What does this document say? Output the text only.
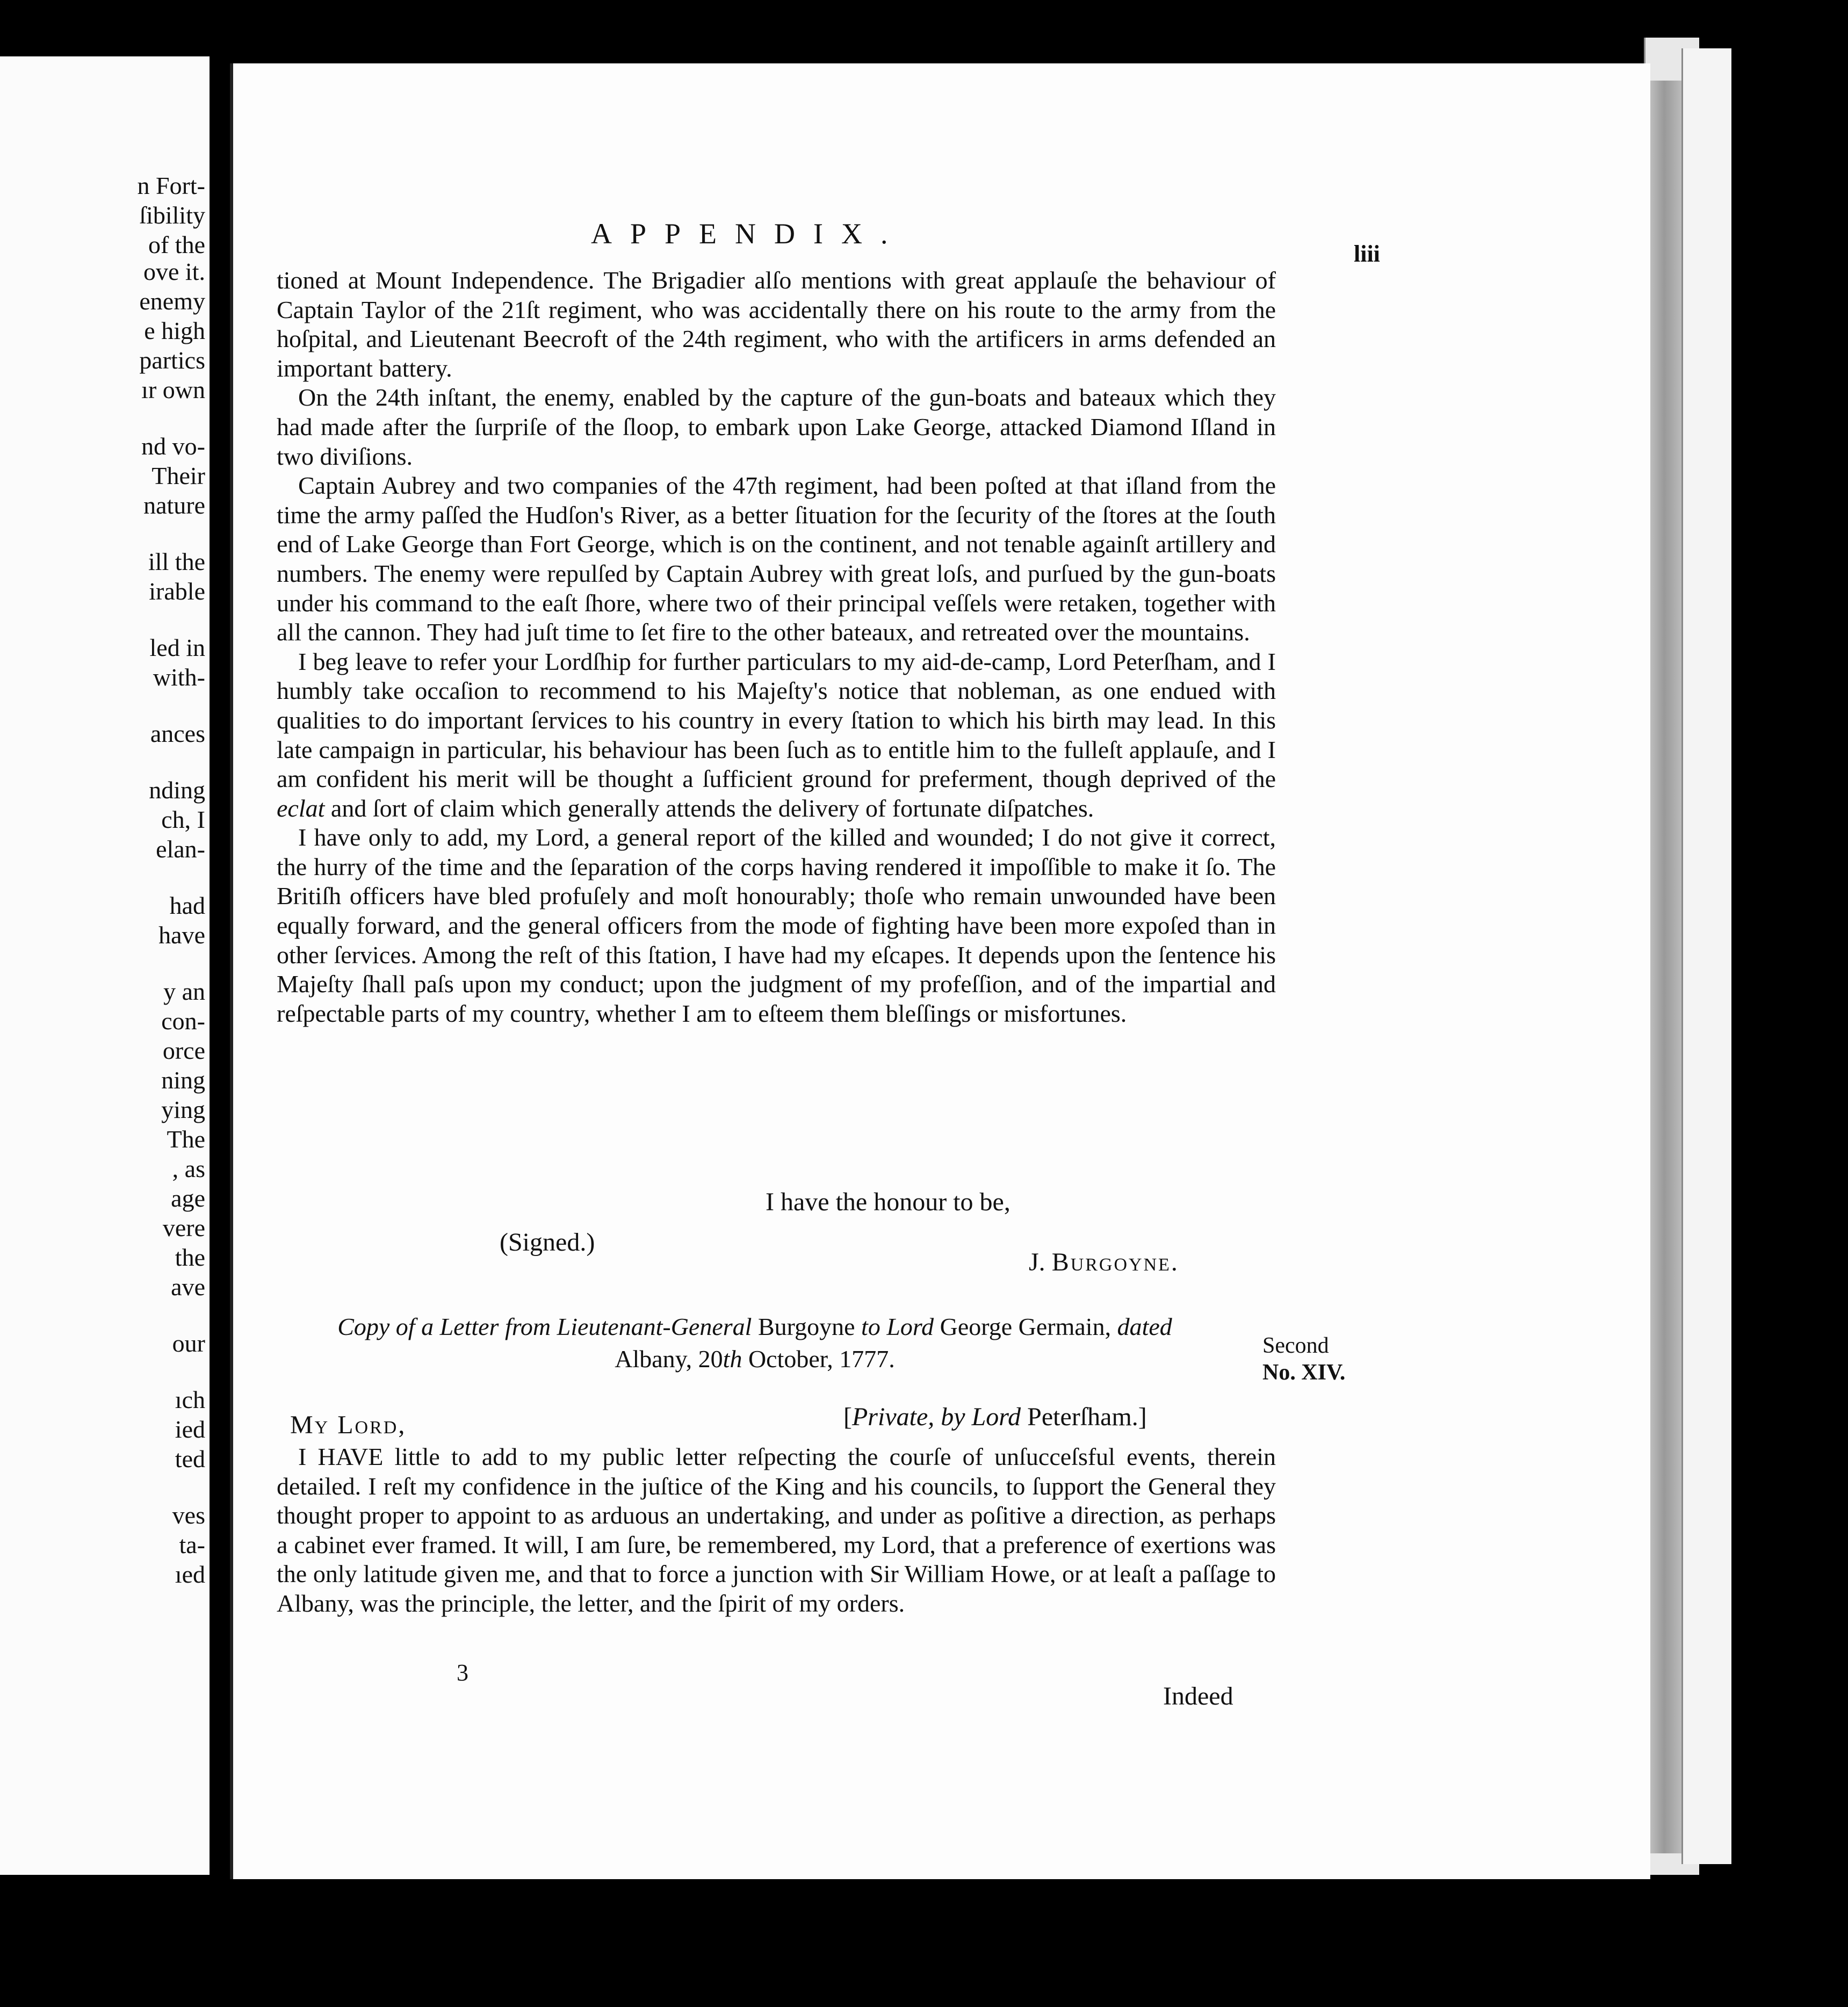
n Fort-
ſibility
of the
ove it.
enemy
e high
partics
ır own
nd vo-
Their
nature
ill the
irable
led in
with-
ances
nding
ch, I
elan-
had
have
y an
con-
orce
ning
ying
The
, as
age
vere
the
ave
our
ıch
ied
ted
ves
ta-
ıed
APPENDIX.
liii

tioned at Mount Independence. The Brigadier alſo mentions with great applauſe the behaviour of Captain Taylor of the 21ſt regiment, who was accidentally there on his route to the army from the hoſpital, and Lieutenant Beecroft of the 24th regiment, who with the artificers in arms defended an important battery.

On the 24th inſtant, the enemy, enabled by the capture of the gun-boats and bateaux which they had made after the ſurpriſe of the ſloop, to embark upon Lake George, attacked Diamond Iſland in two diviſions.

Captain Aubrey and two companies of the 47th regiment, had been poſted at that iſland from the time the army paſſed the Hudſon's River, as a better ſituation for the ſecurity of the ſtores at the ſouth end of Lake George than Fort George, which is on the continent, and not tenable againſt artillery and numbers. The enemy were repulſed by Captain Aubrey with great loſs, and purſued by the gun-boats under his command to the eaſt ſhore, where two of their principal veſſels were retaken, together with all the cannon. They had juſt time to ſet fire to the other bateaux, and retreated over the mountains.

I beg leave to refer your Lordſhip for further particulars to my aid-de-camp, Lord Peterſham, and I humbly take occaſion to recommend to his Majeſty's notice that nobleman, as one endued with qualities to do important ſervices to his country in every ſtation to which his birth may lead. In this late campaign in particular, his behaviour has been ſuch as to entitle him to the fulleſt applauſe, and I am confident his merit will be thought a ſufficient ground for preferment, though deprived of the eclat and ſort of claim which generally attends the delivery of fortunate diſpatches.

I have only to add, my Lord, a general report of the killed and wounded; I do not give it correct, the hurry of the time and the ſeparation of the corps having rendered it impoſſible to make it ſo. The Britiſh officers have bled profuſely and moſt honourably; thoſe who remain unwounded have been equally forward, and the general officers from the mode of fighting have been more expoſed than in other ſervices. Among the reſt of this ſtation, I have had my eſcapes. It depends upon the ſentence his Majeſty ſhall paſs upon my conduct; upon the judgment of my profeſſion, and of the impartial and reſpectable parts of my country, whether I am to eſteem them bleſſings or misfortunes.

I have the honour to be,
(Signed.)
J. Burgoyne.
Copy of a Letter from Lieutenant-General Burgoyne to Lord George Germain, dated
Albany, 20th October, 1777.	Second
No. XIV.
My Lord,	[Private, by Lord Peterſham.]

I HAVE little to add to my public letter reſpecting the courſe of unſucceſsful events, therein detailed. I reſt my confidence in the juſtice of the King and his councils, to ſupport the General they thought proper to appoint to as arduous an undertaking, and under as poſitive a direction, as perhaps a cabinet ever framed. It will, I am ſure, be remembered, my Lord, that a preference of exertions was the only latitude given me, and that to force a junction with Sir William Howe, or at leaſt a paſſage to Albany, was the principle, the letter, and the ſpirit of my orders.

3
Indeed
